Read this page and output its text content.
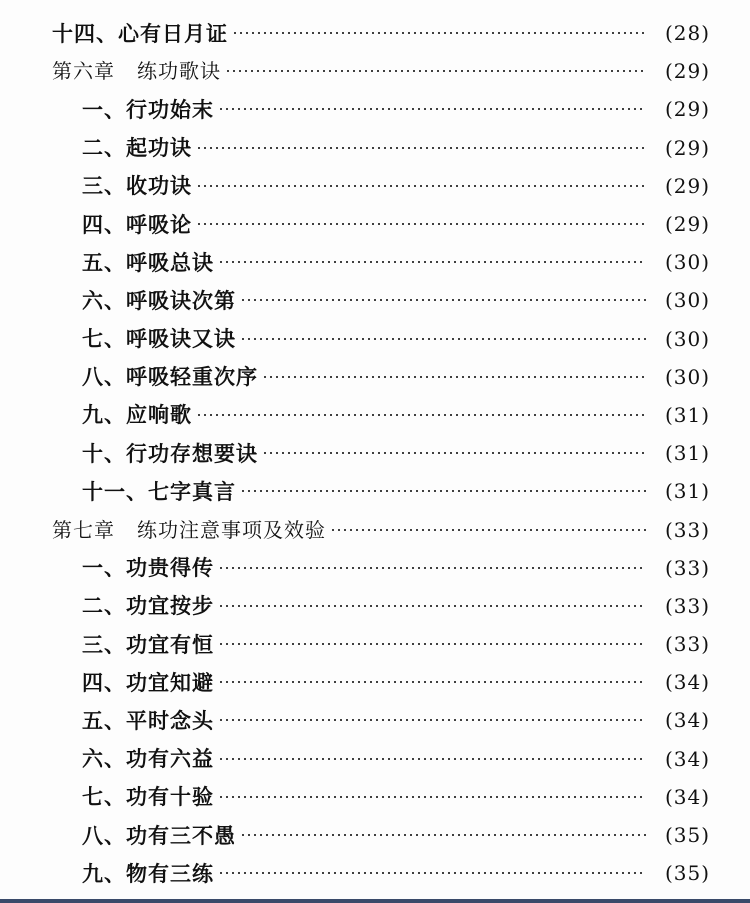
十四、心有日月证	(28)
第六章 练功歌诀	(29)
一、行功始末	(29)
二、起功诀	(29)
三、收功诀	(29)
四、呼吸论	(29)
五、呼吸总诀	(30)
六、呼吸诀次第	(30)
七、呼吸诀又诀	(30)
八、呼吸轻重次序	(30)
九、应响歌	(31)
十、行功存想要诀	(31)
十一、七字真言	(31)
第七章 练功注意事项及效验	(33)
一、功贵得传	(33)
二、功宜按步	(33)
三、功宜有恒	(33)
四、功宜知避	(34)
五、平时念头	(34)
六、功有六益	(34)
七、功有十验	(34)
八、功有三不愚	(35)
九、物有三练	(35)
